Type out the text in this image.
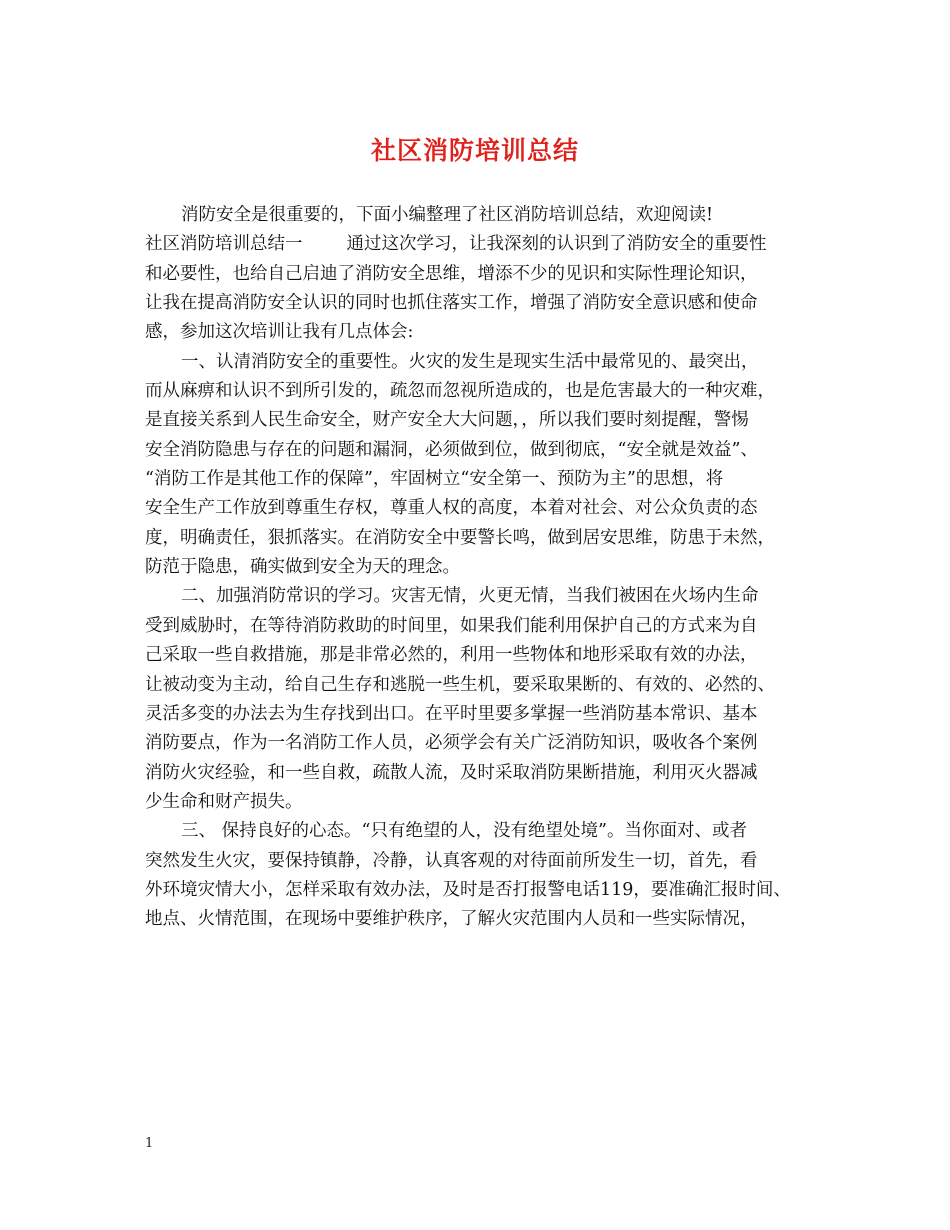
社区消防培训总结
消防安全是很重要的，下面小编整理了社区消防培训总结，欢迎阅读!
社区消防培训总结一	通过这次学习，让我深刻的认识到了消防安全的重要性
和必要性，也给自己启迪了消防安全思维，增添不少的见识和实际性理论知识，
让我在提高消防安全认识的同时也抓住落实工作，增强了消防安全意识感和使命
感，参加这次培训让我有几点体会:
一、认清消防安全的重要性。火灾的发生是现实生活中最常见的、最突出，
而从麻痹和认识不到所引发的，疏忽而忽视所造成的，也是危害最大的一种灾难，
是直接关系到人民生命安全，财产安全大大问题，，所以我们要时刻提醒，警惕
安全消防隐患与存在的问题和漏洞，必须做到位，做到彻底，“安全就是效益”、
“消防工作是其他工作的保障”，牢固树立“安全第一、预防为主”的思想，将
安全生产工作放到尊重生存权，尊重人权的高度，本着对社会、对公众负责的态
度，明确责任，狠抓落实。在消防安全中要警长鸣，做到居安思维，防患于未然，
防范于隐患，确实做到安全为天的理念。
二、加强消防常识的学习。灾害无情，火更无情，当我们被困在火场内生命
受到威胁时，在等待消防救助的时间里，如果我们能利用保护自己的方式来为自
己采取一些自救措施，那是非常必然的，利用一些物体和地形采取有效的办法，
让被动变为主动，给自己生存和逃脱一些生机，要采取果断的、有效的、必然的、
灵活多变的办法去为生存找到出口。在平时里要多掌握一些消防基本常识、基本
消防要点，作为一名消防工作人员，必须学会有关广泛消防知识，吸收各个案例
消防火灾经验，和一些自救，疏散人流，及时采取消防果断措施，利用灭火器减
少生命和财产损失。
三、 保持良好的心态。“只有绝望的人，没有绝望处境”。当你面对、或者
突然发生火灾，要保持镇静，冷静，认真客观的对待面前所发生一切，首先，看
外环境灾情大小，怎样采取有效办法，及时是否打报警电话119，要准确汇报时间、
地点、火情范围，在现场中要维护秩序，了解火灾范围内人员和一些实际情况，
1
